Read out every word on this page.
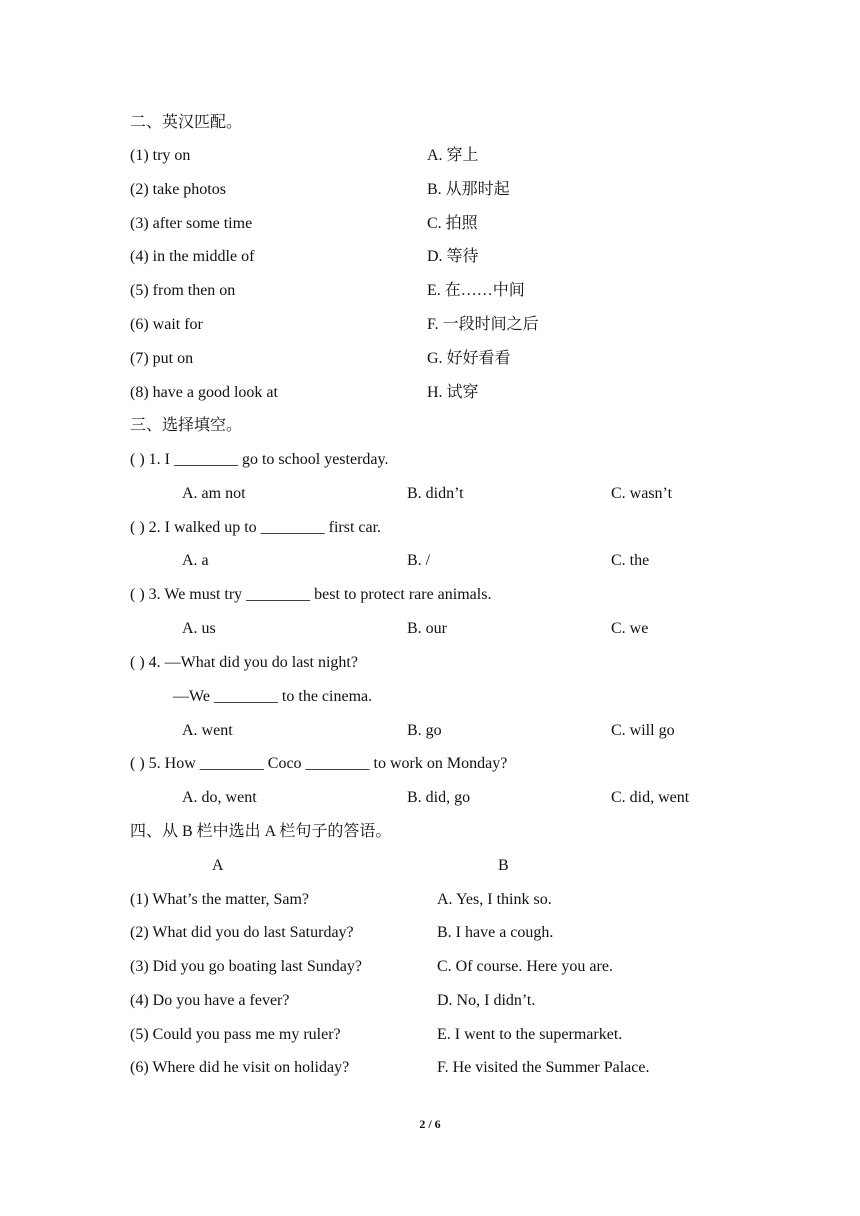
二、英汉匹配。
(1) try on	A. 穿上
(2) take photos	B. 从那时起
(3) after some time	C. 拍照
(4) in the middle of	D. 等待
(5) from then on	E. 在……中间
(6) wait for	F. 一段时间之后
(7) put on	G. 好好看看
(8) have a good look at	H. 试穿
三、选择填空。
( ) 1. I ________ go to school yesterday.
A. am not	B. didn’t	C. wasn’t
( ) 2. I walked up to ________ first car.
A. a	B. /	C. the
( ) 3. We must try ________ best to protect rare animals.
A. us	B. our	C. we
( ) 4. —What did you do last night?
—We ________ to the cinema.
A. went	B. go	C. will go
( ) 5. How ________ Coco ________ to work on Monday?
A. do, went	B. did, go	C. did, went
四、从 B 栏中选出 A 栏句子的答语。
A	B
(1) What’s the matter, Sam?	A. Yes, I think so.
(2) What did you do last Saturday?	B. I have a cough.
(3) Did you go boating last Sunday?	C. Of course. Here you are.
(4) Do you have a fever?	D. No, I didn’t.
(5) Could you pass me my ruler?	E. I went to the supermarket.
(6) Where did he visit on holiday?	F. He visited the Summer Palace.
2 / 6
